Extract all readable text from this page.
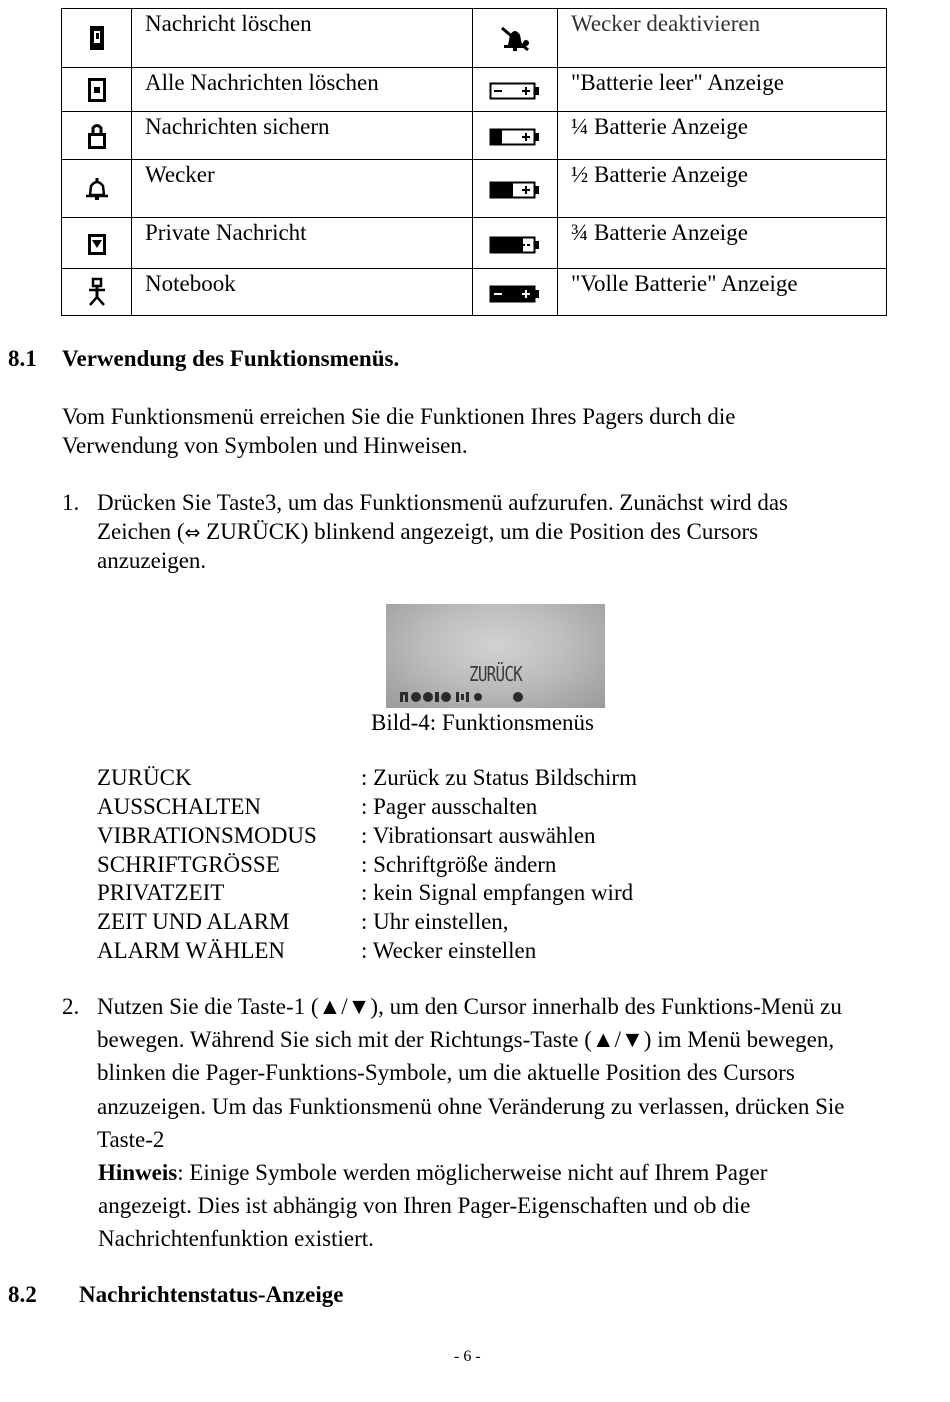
	Nachricht löschen		Wecker deaktivieren
	Alle Nachrichten löschen		"Batterie leer" Anzeige
	Nachrichten sichern		¼ Batterie Anzeige
	Wecker		½ Batterie Anzeige
	Private Nachricht		¾ Batterie Anzeige
	Notebook		"Volle Batterie" Anzeige
8.1 Verwendung des Funktionsmenüs.
Vom Funktionsmenü erreichen Sie die Funktionen Ihres Pagers durch die
Verwendung von Symbolen und Hinweisen.
1. Drücken Sie Taste3, um das Funktionsmenü aufzurufen. Zunächst wird das
Zeichen (⇔ ZURÜCK) blinkend angezeigt, um die Position des Cursors
anzuzeigen.
ZURÜCK
Bild-4: Funktionsmenüs
ZURÜCK	: Zurück zu Status Bildschirm
AUSSCHALTEN	: Pager ausschalten
VIBRATIONSMODUS : Vibrationsart auswählen
SCHRIFTGRÖSSE	: Schriftgröße ändern
PRIVATZEIT	: kein Signal empfangen wird
ZEIT UND ALARM	: Uhr einstellen,
ALARM WÄHLEN	: Wecker einstellen
2. Nutzen Sie die Taste-1 (▲/▼), um den Cursor innerhalb des Funktions-Menü zu
bewegen. Während Sie sich mit der Richtungs-Taste (▲/▼) im Menü bewegen,
blinken die Pager-Funktions-Symbole, um die aktuelle Position des Cursors
anzuzeigen. Um das Funktionsmenü ohne Veränderung zu verlassen, drücken Sie
Taste-2
Hinweis: Einige Symbole werden möglicherweise nicht auf Ihrem Pager
angezeigt. Dies ist abhängig von Ihren Pager-Eigenschaften und ob die
Nachrichtenfunktion existiert.
8.2 Nachrichtenstatus-Anzeige
- 6 -
